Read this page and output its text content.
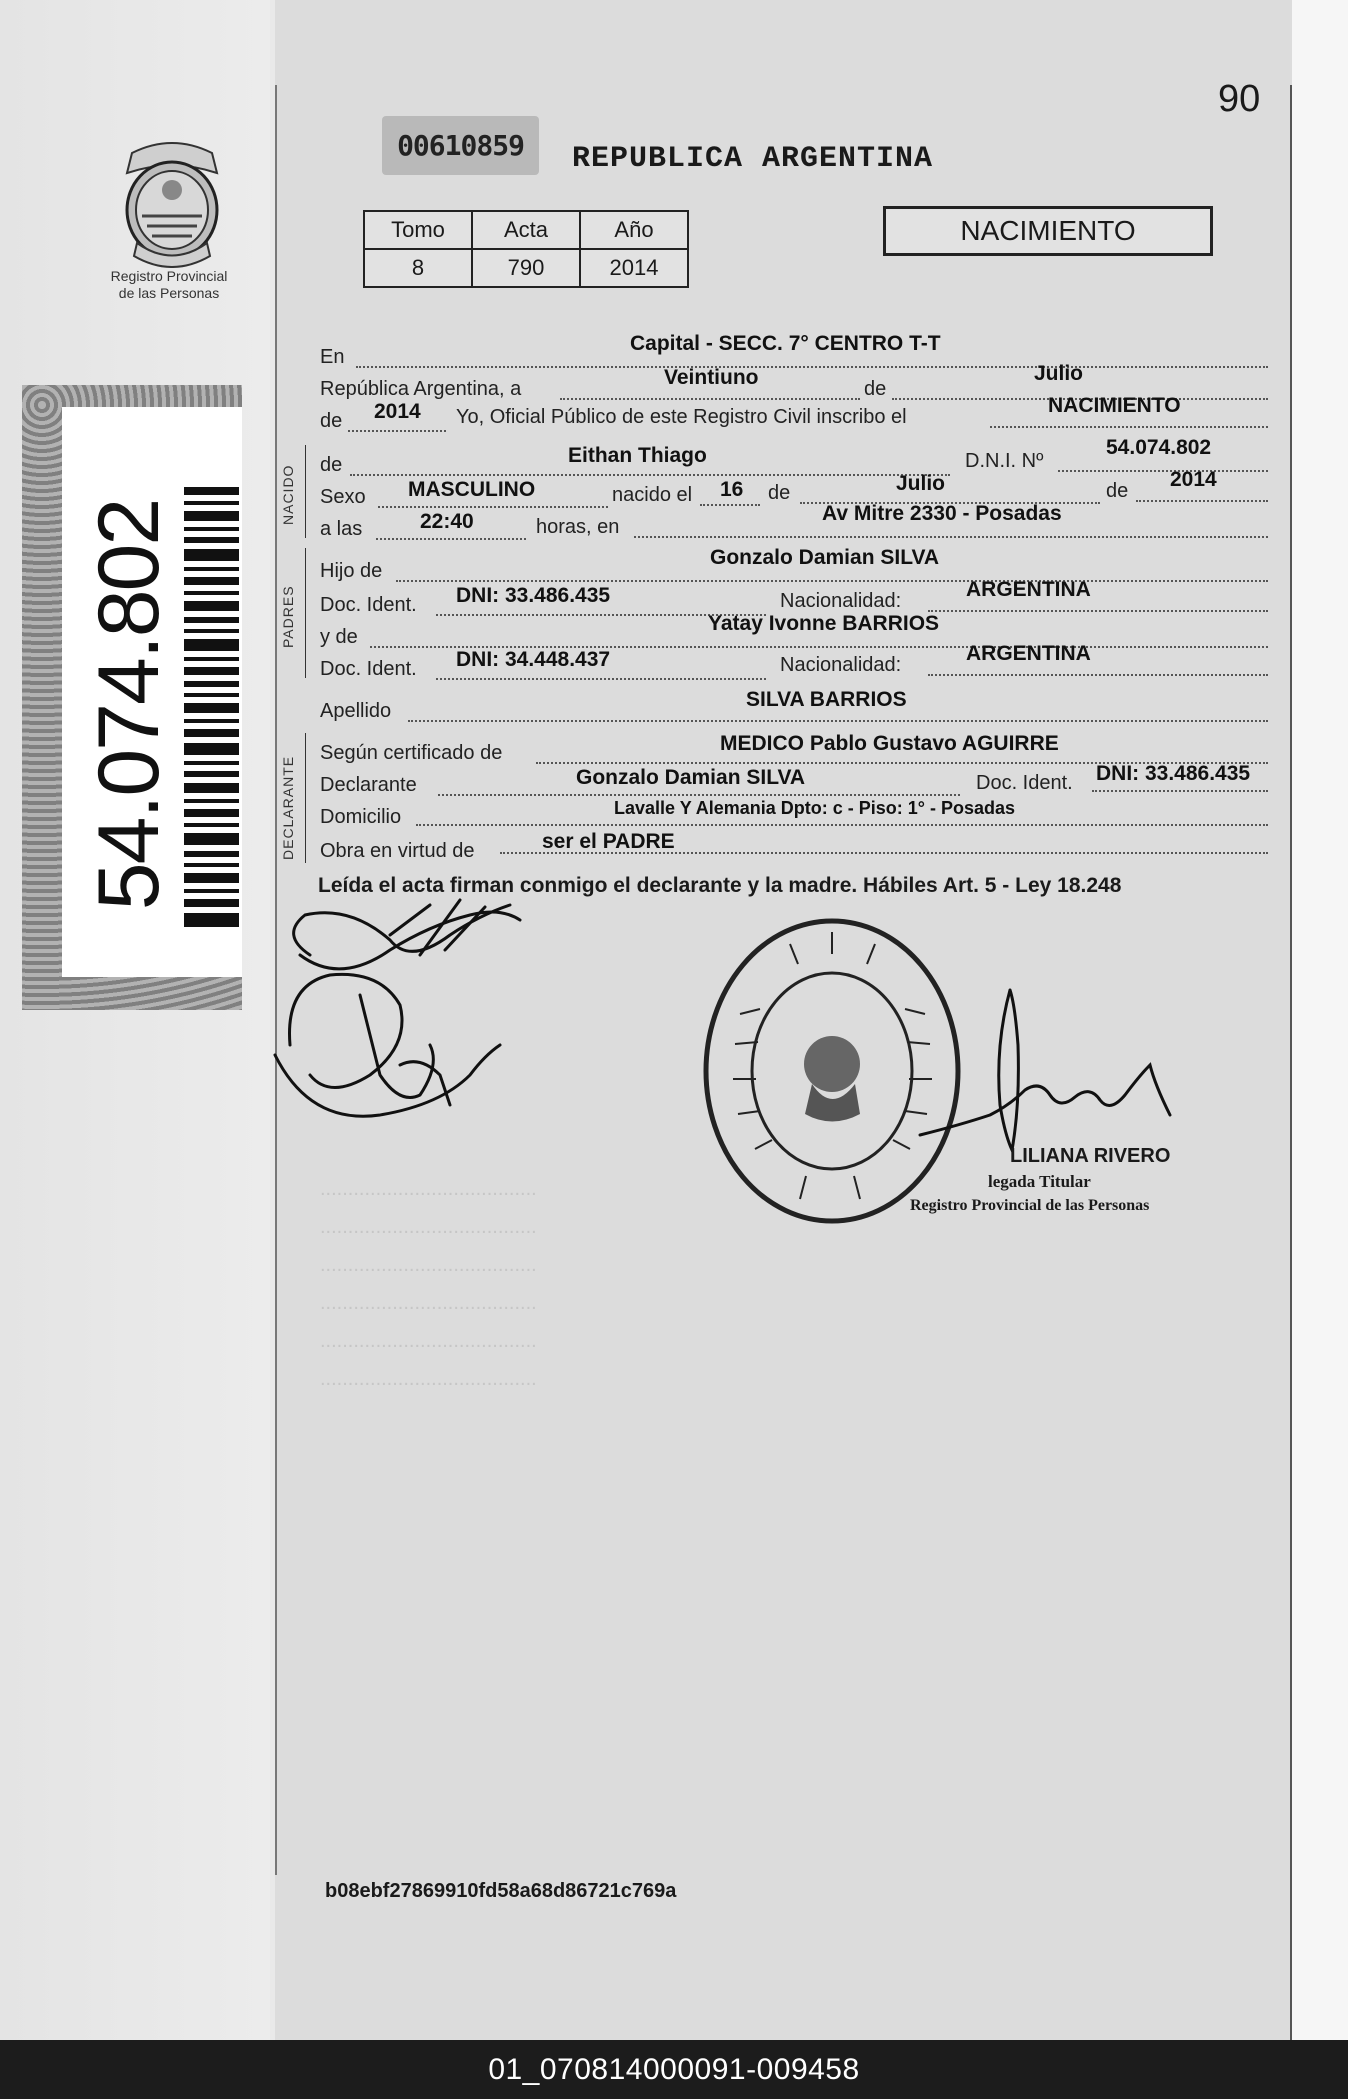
Registro Provincial
de las Personas
54.074.802
90
00610859	REPUBLICA ARGENTINA
Tomo	Acta	Año
8	790	2014
NACIMIENTO
NACIDO
PADRES
DECLARANTE
En
Capital - SECC. 7° CENTRO T-T
República Argentina, a	Veintiuno	de
Julio
de 2014 Yo, Oficial Público de este Registro Civil inscribo el	NACIMIENTO
de	Eithan Thiago	D.N.I. Nº
54.074.802
Sexo MASCULINO	nacido el 16 de	Julio	de 2014
a las	22:40	horas, en
Av Mitre 2330 - Posadas
Hijo de
Gonzalo Damian SILVA
Doc. Ident. DNI: 33.486.435	Nacionalidad:	ARGENTINA
y de
Yatay Ivonne BARRIOS
Doc. Ident. DNI: 34.448.437	Nacionalidad:	ARGENTINA
Apellido	SILVA BARRIOS
Según certificado de	MEDICO Pablo Gustavo AGUIRRE
Declarante	Gonzalo Damian SILVA	Doc. Ident. DNI: 33.486.435
Domicilio	Lavalle Y Alemania Dpto: c - Piso: 1° - Posadas
Obra en virtud de	ser el PADRE
Leída el acta firman conmigo el declarante y la madre. Hábiles Art. 5 - Ley 18.248
.......................................
.......................................
.......................................
.......................................
.......................................
.......................................
LILIANA RIVERO
legada Titular
Registro Provincial de las Personas
b08ebf27869910fd58a68d86721c769a
01_070814000091-009458
